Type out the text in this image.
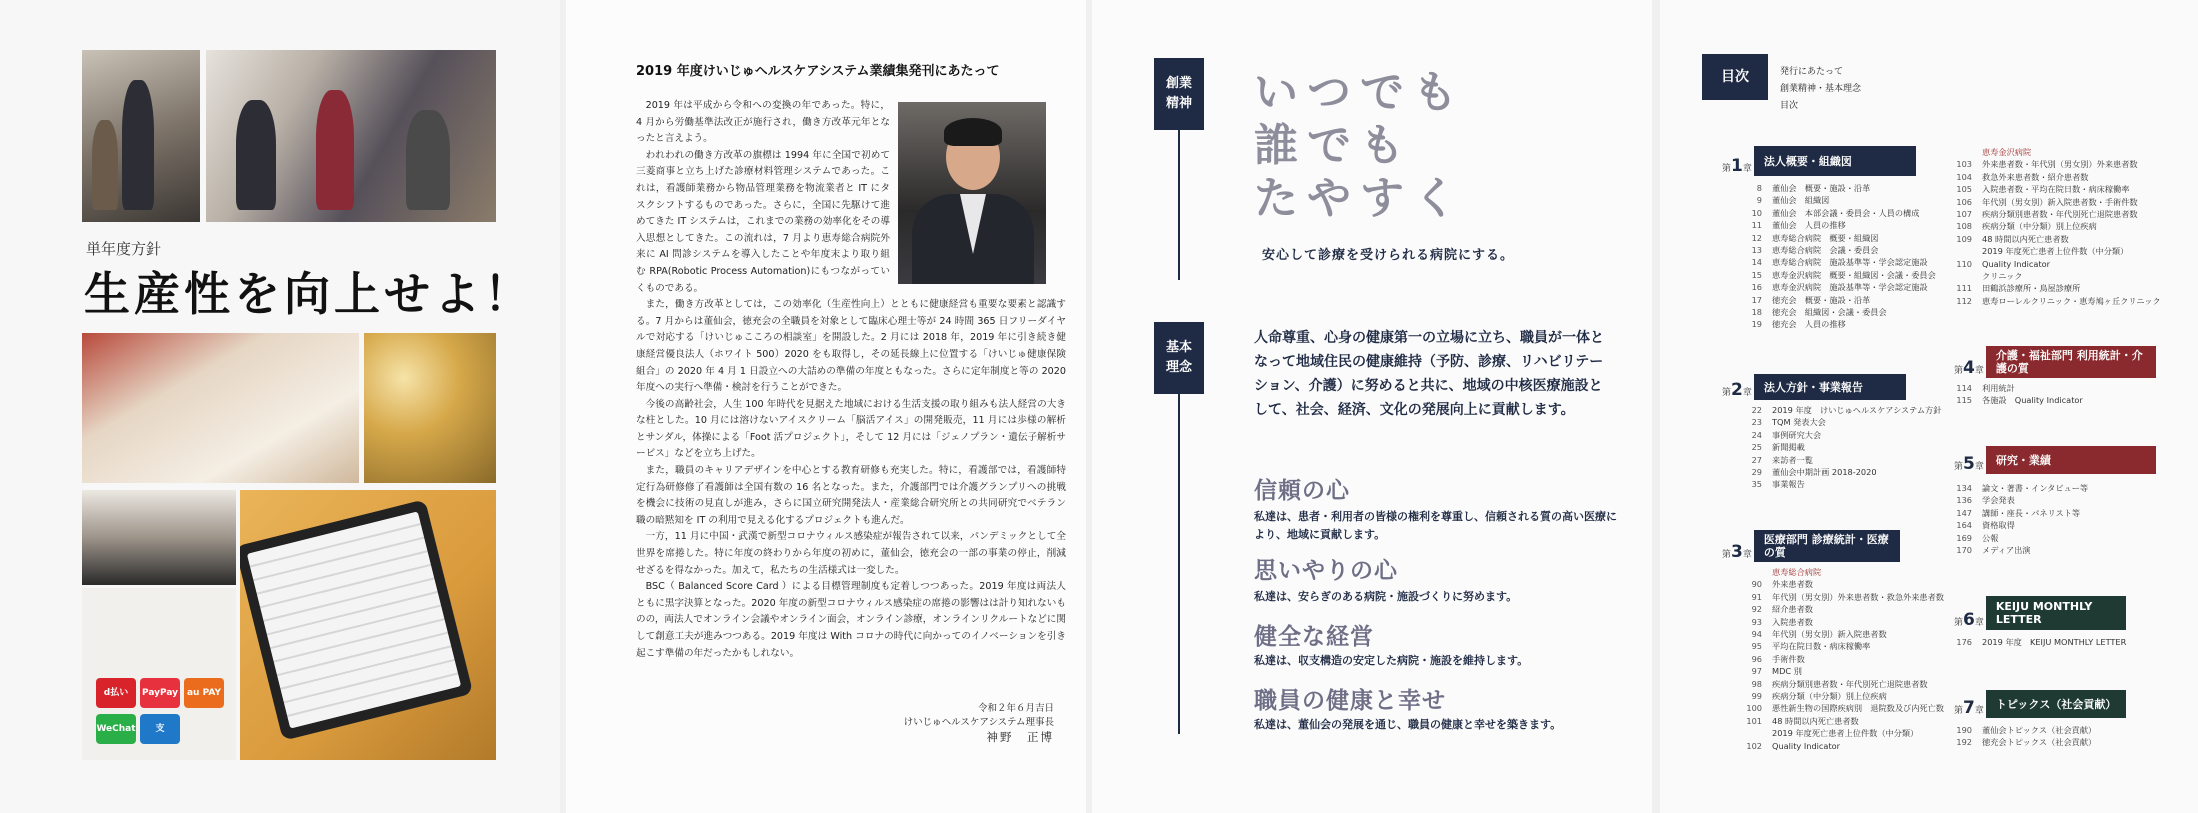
単年度方針
生産性を向上せよ！
d払い	PayPay au PAY
WeChat	支
2019 年度けいじゅヘルスケアシステム業績集発刊にあたって

2019 年は平成から令和への変換の年であった。特に，4 月から労働基準法改正が施行され，働き方改革元年となったと言えよう。

われわれの働き方改革の旗標は 1994 年に全国で初めて三菱商事と立ち上げた診療材料管理システムであった。これは，看護師業務から物品管理業務を物流業者と IT にタスクシフトするものであった。さらに，全国に先駆けて進めてきた IT システムは，これまでの業務の効率化をその導入思想としてきた。この流れは，7 月より恵寿総合病院外来に AI 問診システムを導入したことや年度末より取り組む RPA(Robotic Process Automation)にもつながっていくものである。

また，働き方改革としては，この効率化（生産性向上）とともに健康経営も重要な要素と認識する。7 月からは董仙会，徳充会の全職員を対象として臨床心理士等が 24 時間 365 日フリーダイヤルで対応する「けいじゅこころの相談室」を開設した。2 月には 2018 年，2019 年に引き続き健康経営優良法人（ホワイト 500）2020 をも取得し，その延長線上に位置する「けいじゅ健康保険組合」の 2020 年 4 月 1 日設立への大詰めの準備の年度ともなった。さらに定年制度と等の 2020 年度への実行へ準備・検討を行うことができた。

今後の高齢社会，人生 100 年時代を見据えた地域における生活支援の取り組みも法人経営の大きな柱とした。10 月には溶けないアイスクリーム「脳活アイス」の開発販売，11 月には歩様の解析とサンダル，体操による「Foot 活プロジェクト」，そして 12 月には「ジェノプラン・遺伝子解析サービス」などを立ち上げた。

また，職員のキャリアデザインを中心とする教育研修も充実した。特に，看護部では，看護師特定行為研修修了看護師は全国有数の 16 名となった。また，介護部門では介護グランプリへの挑戦を機会に技術の見直しが進み，さらに国立研究開発法人・産業総合研究所との共同研究でベテラン職の暗黙知を IT の利用で見える化するプロジェクトも進んだ。

一方，11 月に中国・武漢で新型コロナウィルス感染症が報告されて以来，パンデミックとして全世界を席捲した。特に年度の終わりから年度の初めに，董仙会，徳充会の一部の事業の停止，削減せざるを得なかった。加えて，私たちの生活様式は一変した。

BSC（ Balanced Score Card ）による目標管理制度も定着しつつあった。2019 年度は両法人ともに黒字決算となった。2020 年度の新型コロナウィルス感染症の席捲の影響はは計り知れないものの，両法人でオンライン会議やオンライン面会，オンライン診療，オンラインリクルートなどに関して創意工夫が進みつつある。2019 年度は With コロナの時代に向かってのイノベーションを引き起こす準備の年だったかもしれない。

令和２年６月吉日
けいじゅヘルスケアシステム理事長
神野　正博
創業
精神 いつでも
誰でも
たやすく
安心して診療を受けられる病院にする。
基本
理念
人命尊重、心身の健康第一の立場に立ち、職員が一体となって地域住民の健康維持（予防、診療、リハビリテーション、介護）に努めると共に、地域の中核医療施設として、社会、経済、文化の発展向上に貢献します。
信頼の心
私達は、患者・利用者の皆様の権利を尊重し、信頼される質の高い医療により、地域に貢献します。
思いやりの心
私達は、安らぎのある病院・施設づくりに努めます。
健全な経営
私達は、収支構造の安定した病院・施設を維持します。
職員の健康と幸せ
私達は、董仙会の発展を通じ、職員の健康と幸せを築きます。
目次	発行にあたって
創業精神・基本理念
目次
第1章
法人概要・組織図
8 董仙会　概要・施設・沿革
9 董仙会　組織図
10 董仙会　本部会議・委員会・人員の構成
11 董仙会　人員の推移
12 恵寿総合病院　概要・組織図
13 恵寿総合病院　会議・委員会
14 恵寿総合病院　施設基準等・学会認定施設
15 恵寿金沢病院　概要・組織図・会議・委員会
16 恵寿金沢病院　施設基準等・学会認定施設
17 徳充会　概要・施設・沿革
18 徳充会　組織図・会議・委員会
19 徳充会　人員の推移
第2章	法人方針・事業報告
22 2019 年度　けいじゅヘルスケアシステム方針
23 TQM 発表大会
24 事例研究大会
25 新聞掲載
27 来訪者一覧
29 董仙会中期計画 2018-2020
35 事業報告
第3章
医療部門 診療統計・医療の質
恵寿総合病院
90 外来患者数
91 年代別（男女別）外来患者数・救急外来患者数
92 紹介患者数
93 入院患者数
94 年代別（男女別）新入院患者数
95 平均在院日数・病床稼働率
96 手術件数
97 MDC 別
98 疾病分類別患者数・年代別死亡退院患者数
99 疾病分類（中分類）別上位疾病
100 悪性新生物の国際疾病別　退院数及び内死亡数
101 48 時間以内死亡患者数
2019 年度死亡患者上位件数（中分類）
102 Quality Indicator
恵寿金沢病院
103 外来患者数・年代別（男女別）外来患者数
104 救急外来患者数・紹介患者数
105 入院患者数・平均在院日数・病床稼働率
106 年代別（男女別）新入院患者数・手術件数
107 疾病分類別患者数・年代別死亡退院患者数
108 疾病分類（中分類）別上位疾病
109 48 時間以内死亡患者数
2019 年度死亡患者上位件数（中分類）
110 Quality Indicator
クリニック
111 田鶴浜診療所・鳥屋診療所
112 恵寿ローレルクリニック・恵寿鳩ヶ丘クリニック
第4章
介護・福祉部門 利用統計・介護の質
114 利用統計
115 各施設　Quality Indicator
第5章
研究・業績
134 論文・著書・インタビュー等
136 学会発表
147 講師・座長・パネリスト等
164 資格取得
169 公報
170 メディア出演
第6章
KEIJU MONTHLY LETTER
176 2019 年度　KEIJU MONTHLY LETTER
第7章
トピックス（社会貢献）
190 董仙会トピックス（社会貢献）
192 徳充会トピックス（社会貢献）
